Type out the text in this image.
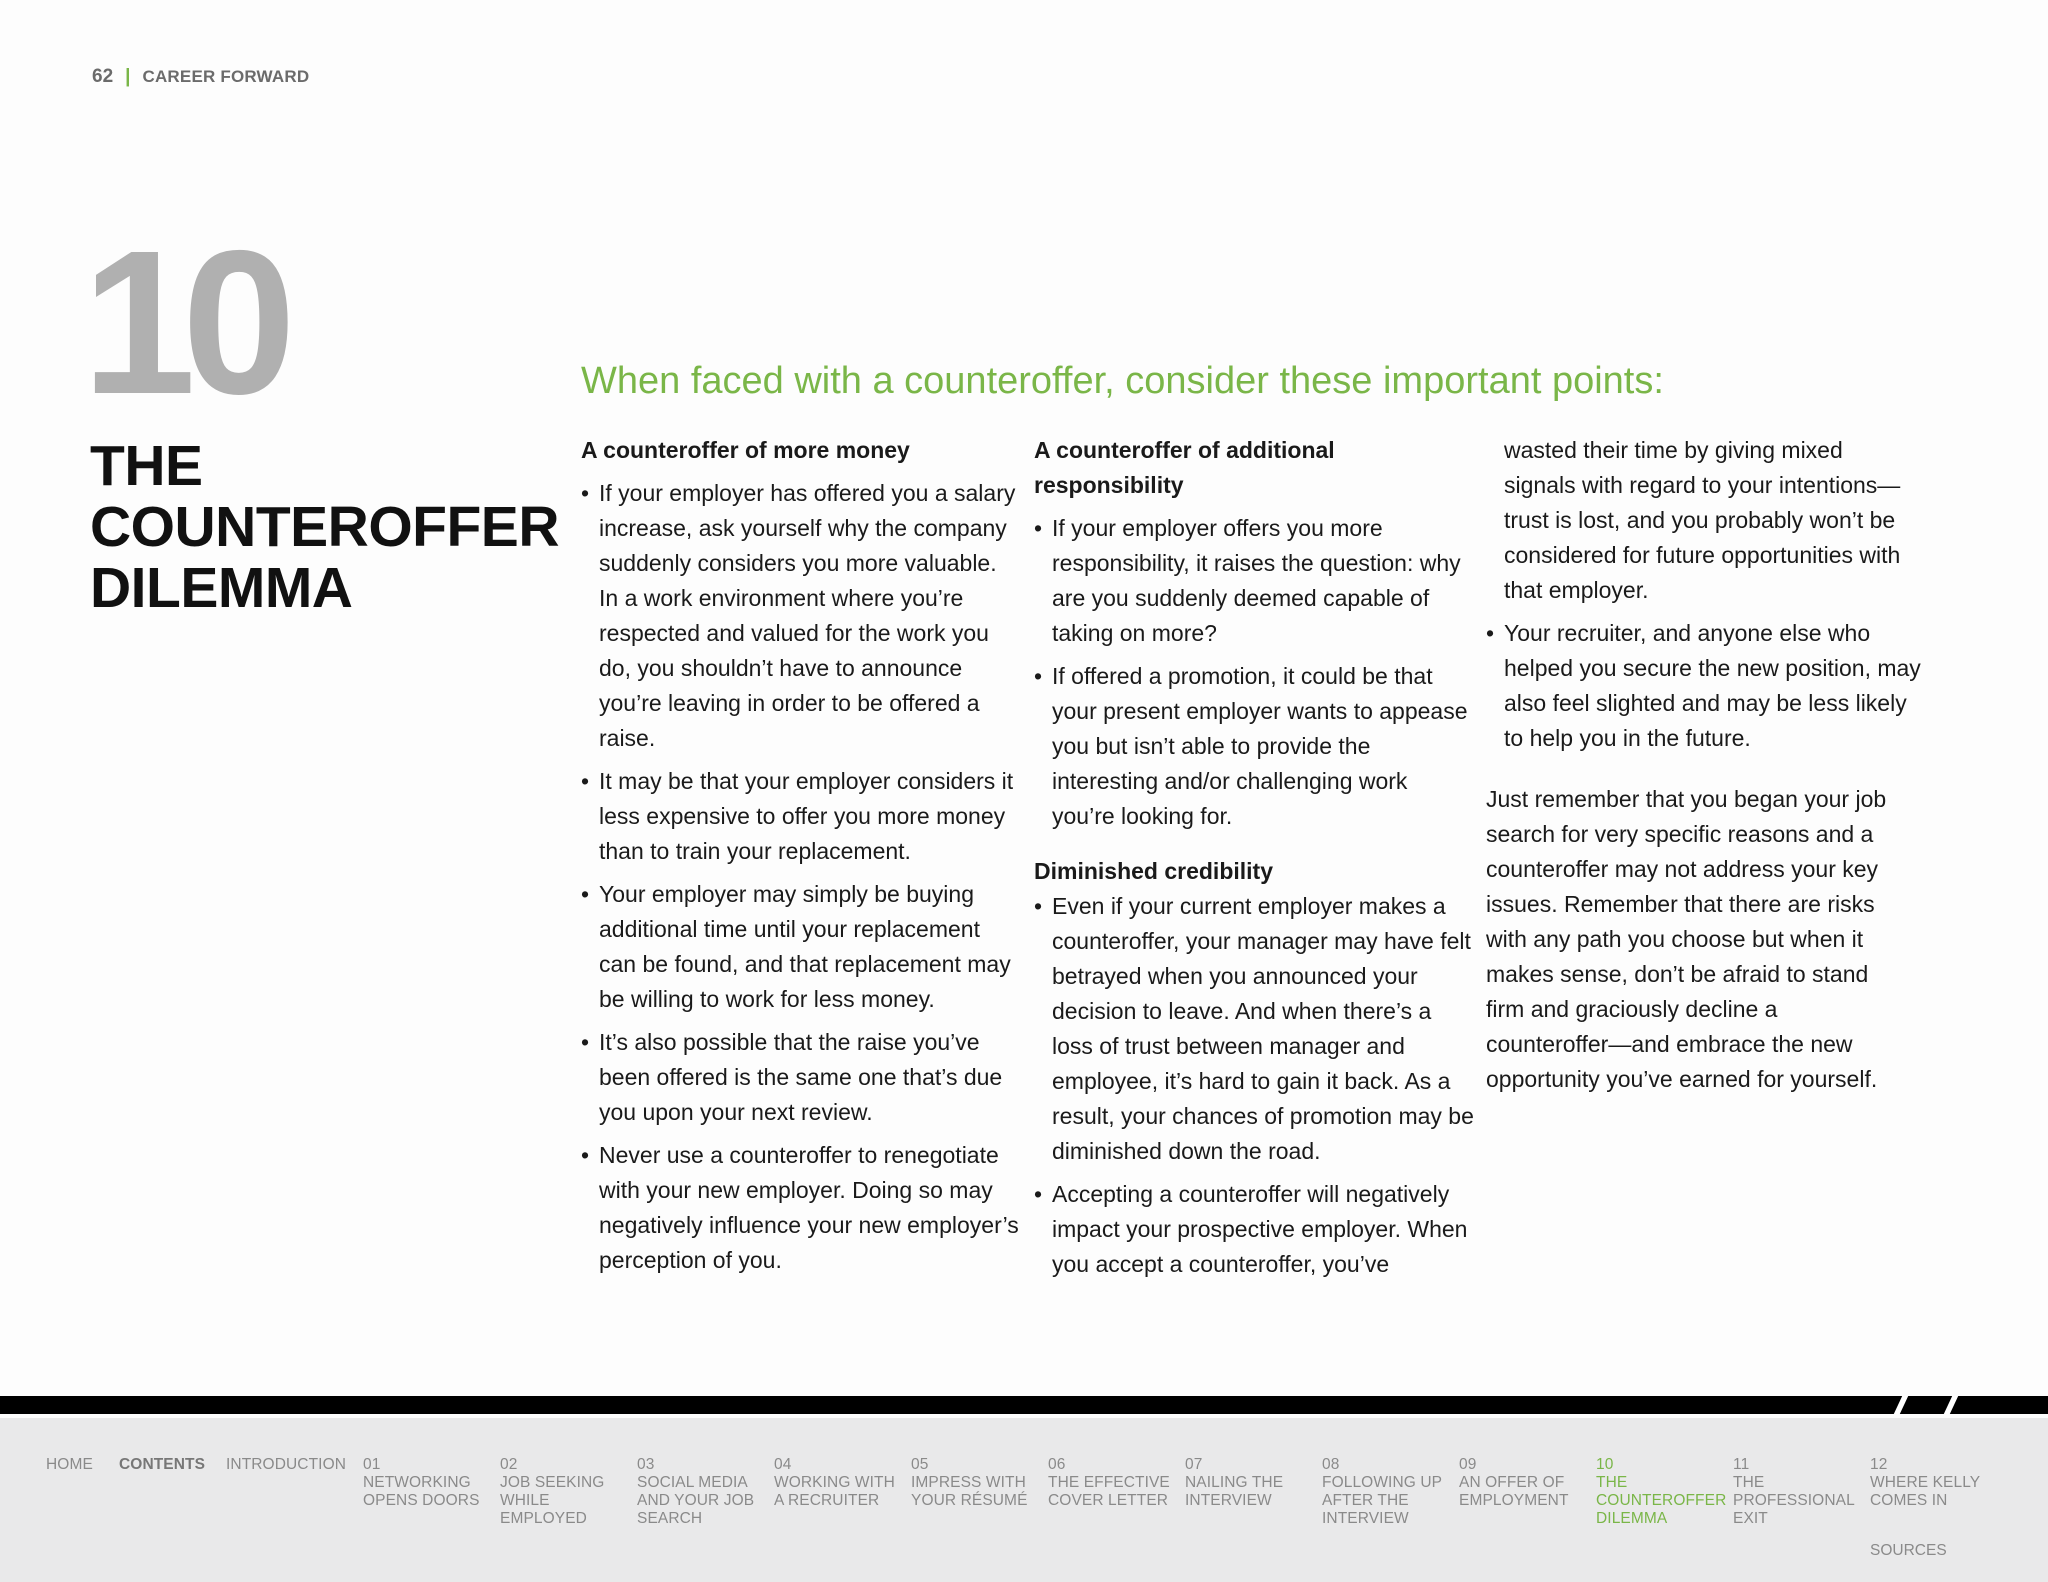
62 | CAREER FORWARD
10
THE
COUNTEROFFER
DILEMMA
When faced with a counteroffer, consider these important points:
A counteroffer of more money
• If your employer has offered you a salary increase, ask yourself why the company suddenly considers you more valuable. In a work environment where you’re respected and valued for the work you do, you shouldn’t have to announce you’re leaving in order to be offered a raise.
• It may be that your employer considers it less expensive to offer you more money than to train your replacement.
• Your employer may simply be buying additional time until your replacement can be found, and that replacement may be willing to work for less money.
• It’s also possible that the raise you’ve been offered is the same one that’s due you upon your next review.
• Never use a counteroffer to renegotiate with your new employer. Doing so may negatively influence your new employer’s perception of you.
A counteroffer of additional responsibility
• If your employer offers you more responsibility, it raises the question: why are you suddenly deemed capable of taking on more?
• If offered a promotion, it could be that your present employer wants to appease you but isn’t able to provide the interesting and/or challenging work you’re looking for.
Diminished credibility
• Even if your current employer makes a counteroffer, your manager may have felt betrayed when you announced your decision to leave. And when there’s a loss of trust between manager and employee, it’s hard to gain it back. As a result, your chances of promotion may be diminished down the road.
• Accepting a counteroffer will negatively impact your prospective employer. When you accept a counteroffer, you’ve
wasted their time by giving mixed signals with regard to your intentions—trust is lost, and you probably won’t be considered for future opportunities with that employer.
• Your recruiter, and anyone else who helped you secure the new position, may also feel slighted and may be less likely to help you in the future.

Just remember that you began your job search for very specific reasons and a counteroffer may not address your key issues. Remember that there are risks with any path you choose but when it makes sense, don’t be afraid to stand firm and graciously decline a counteroffer—and embrace the new opportunity you’ve earned for yourself.

HOME CONTENTS INTRODUCTION 01
NETWORKING OPENS DOORS
02
JOB SEEKING WHILE EMPLOYED
03
SOCIAL MEDIA AND YOUR JOB SEARCH
04
WORKING WITH A RECRUITER
05
IMPRESS WITH YOUR RÉSUMÉ
06
THE EFFECTIVE COVER LETTER
07
NAILING THE INTERVIEW
08
FOLLOWING UP AFTER THE INTERVIEW
09
AN OFFER OF EMPLOYMENT
10
THE COUNTEROFFER DILEMMA
11
THE PROFESSIONAL EXIT
12
WHERE KELLY COMES IN
SOURCES
